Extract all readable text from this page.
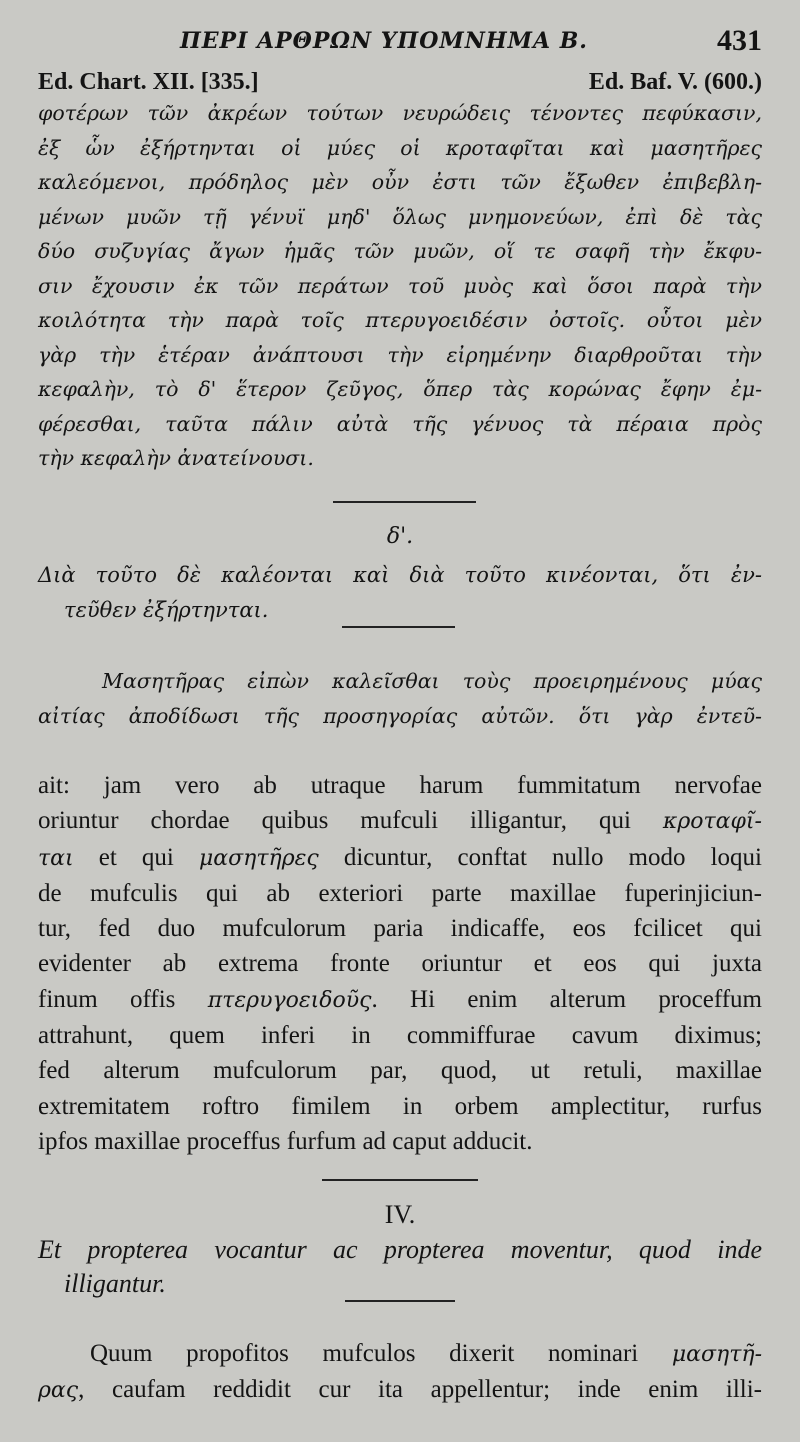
ΠΕΡΙ ΑΡΘΡΩΝ ΥΠΟΜΝΗΜΑ Β.	431
Ed. Chart. XII. [335.]	Ed. Baf. V. (600.)
φοτέρων τῶν ἀκρέων τούτων νευρώδεις τένοντες πεφύκασιν,
ἐξ ὧν ἐξήρτηνται οἱ μύες οἱ κροταφῖται καὶ μασητῆρες
καλεόμενοι, πρόδηλος μὲν οὖν ἐστι τῶν ἔξωθεν ἐπιβεβλη-
μένων μυῶν τῇ γένυϊ μηδ' ὅλως μνημονεύων, ἐπὶ δὲ τὰς
δύο συζυγίας ἄγων ἡμᾶς τῶν μυῶν, οἵ τε σαφῆ τὴν ἔκφυ-
σιν ἔχουσιν ἐκ τῶν περάτων τοῦ μυὸς καὶ ὅσοι παρὰ τὴν
κοιλότητα τὴν παρὰ τοῖς πτερυγοειδέσιν ὀστοῖς. οὗτοι μὲν
γὰρ τὴν ἑτέραν ἀνάπτουσι τὴν εἰρημένην διαρθροῦται τὴν
κεφαλὴν, τὸ δ' ἕτερον ζεῦγος, ὅπερ τὰς κορώνας ἔφην ἐμ-
φέρεσθαι, ταῦτα πάλιν αὐτὰ τῆς γένυος τὰ πέραια πρὸς
τὴν κεφαλὴν ἀνατείνουσι.
δ'.
Διὰ τοῦτο δὲ καλέονται καὶ διὰ τοῦτο κινέονται, ὅτι ἐν-
τεῦθεν ἐξήρτηνται.
Μασητῆρας εἰπὼν καλεῖσθαι τοὺς προειρημένους μύας
αἰτίας ἀποδίδωσι τῆς προσηγορίας αὐτῶν. ὅτι γὰρ ἐντεῦ-
ait: jam vero ab utraque harum fummitatum nervofae
oriuntur chordae quibus mufculi illigantur, qui κροταφῖ-
ται et qui μασητῆρες dicuntur, conftat nullo modo loqui
de mufculis qui ab exteriori parte maxillae fuperinjiciun-
tur, fed duo mufculorum paria indicaffe, eos fcilicet qui
evidenter ab extrema fronte oriuntur et eos qui juxta
finum offis πτερυγοειδοῦς. Hi enim alterum proceffum
attrahunt, quem inferi in commiffurae cavum diximus;
fed alterum mufculorum par, quod, ut retuli, maxillae
extremitatem roftro fimilem in orbem amplectitur, rurfus
ipfos maxillae proceffus furfum ad caput adducit.
IV.
Et propterea vocantur ac propterea moventur, quod inde
illigantur.
Quum propofitos mufculos dixerit nominari μασητῆ-
ρας, caufam reddidit cur ita appellentur; inde enim illi-
